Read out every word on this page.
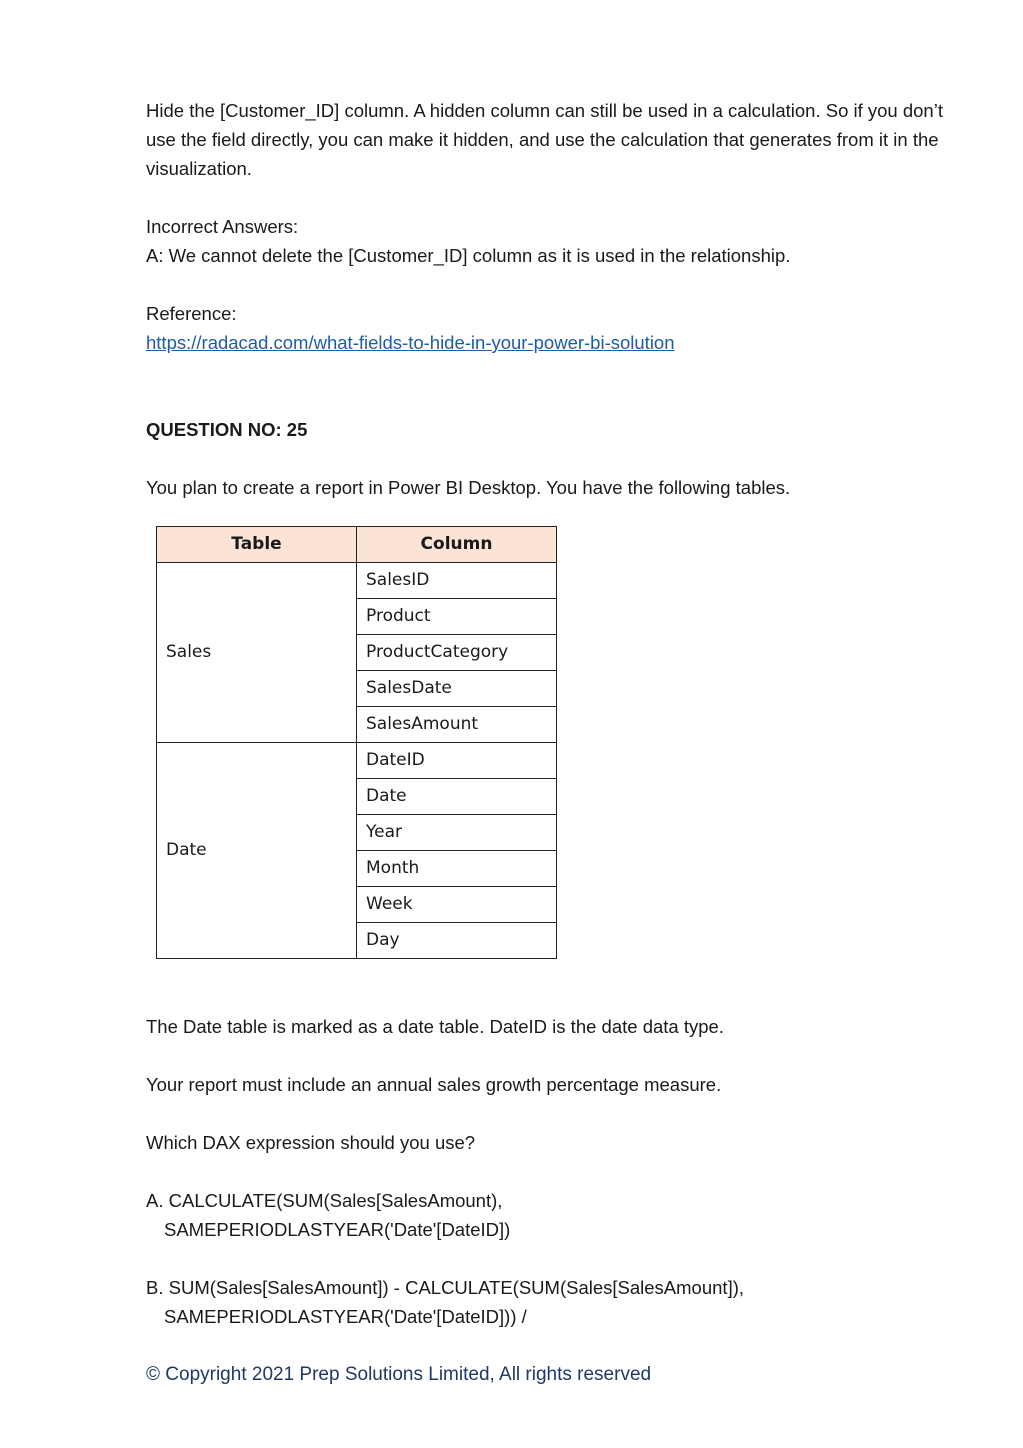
Hide the [Customer_ID] column. A hidden column can still be used in a calculation. So if you don’t use the field directly, you can make it hidden, and use the calculation that generates from it in the visualization.

Incorrect Answers:

A: We cannot delete the [Customer_ID] column as it is used in the relationship.

Reference:

https://radacad.com/what-fields-to-hide-in-your-power-bi-solution

QUESTION NO: 25

You plan to create a report in Power BI Desktop. You have the following tables.

Table	Column
Sales	SalesID
	Product
	ProductCategory
	SalesDate
	SalesAmount
Date	DateID
	Date
	Year
	Month
	Week
	Day

The Date table is marked as a date table. DateID is the date data type.

Your report must include an annual sales growth percentage measure.

Which DAX expression should you use?

A. CALCULATE(SUM(Sales[SalesAmount),

SAMEPERIODLASTYEAR('Date'[DateID])

B. SUM(Sales[SalesAmount]) - CALCULATE(SUM(Sales[SalesAmount]),

SAMEPERIODLASTYEAR('Date'[DateID])) /

© Copyright 2021 Prep Solutions Limited, All rights reserved
